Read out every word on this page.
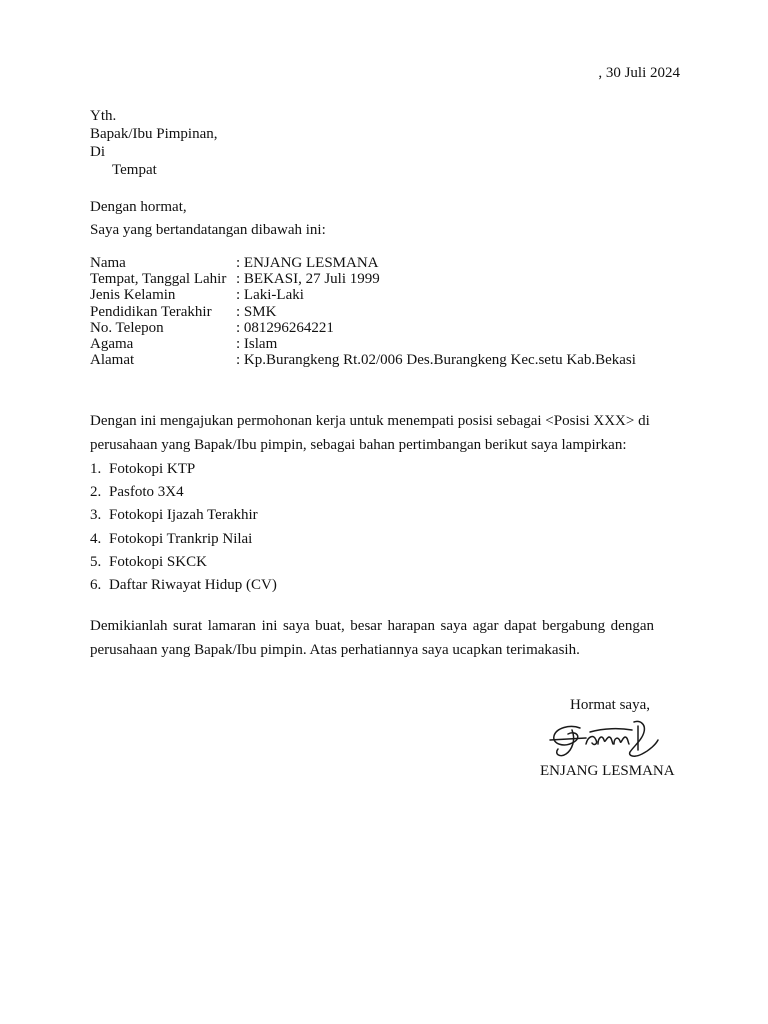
, 30 Juli 2024
Yth.
Bapak/Ibu Pimpinan,
Di
Tempat
Dengan hormat,
Saya yang bertandatangan dibawah ini:
Nama	: ENJANG LESMANA
Tempat, Tanggal Lahir : BEKASI, 27 Juli 1999
Jenis Kelamin	: Laki-Laki
Pendidikan Terakhir	: SMK
No. Telepon	: 081296264221
Agama	: Islam
Alamat	: Kp.Burangkeng Rt.02/006 Des.Burangkeng Kec.setu Kab.Bekasi

Dengan ini mengajukan permohonan kerja untuk menempati posisi sebagai <Posisi XXX> di

perusahaan yang Bapak/Ibu pimpin, sebagai bahan pertimbangan berikut saya lampirkan:

1. Fotokopi KTP
2. Pasfoto 3X4
3. Fotokopi Ijazah Terakhir
4. Fotokopi Trankrip Nilai
5. Fotokopi SKCK
6. Daftar Riwayat Hidup (CV)
Demikianlah surat lamaran ini saya buat, besar harapan saya agar dapat bergabung dengan
perusahaan yang Bapak/Ibu pimpin. Atas perhatiannya saya ucapkan terimakasih.
Hormat saya,
ENJANG LESMANA
